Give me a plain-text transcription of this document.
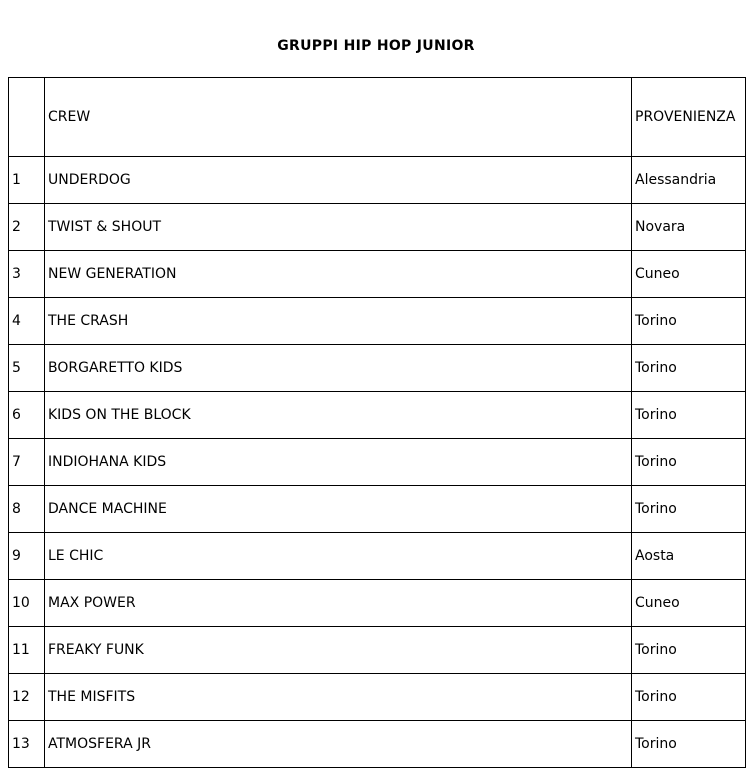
GRUPPI HIP HOP JUNIOR
	CREW	PROVENIENZA
1	UNDERDOG	Alessandria
2	TWIST & SHOUT	Novara
3	NEW GENERATION	Cuneo
4	THE CRASH	Torino
5	BORGARETTO KIDS	Torino
6	KIDS ON THE BLOCK	Torino
7	INDIOHANA KIDS	Torino
8	DANCE MACHINE	Torino
9	LE CHIC	Aosta
10	MAX POWER	Cuneo
11	FREAKY FUNK	Torino
12	THE MISFITS	Torino
13	ATMOSFERA JR	Torino
